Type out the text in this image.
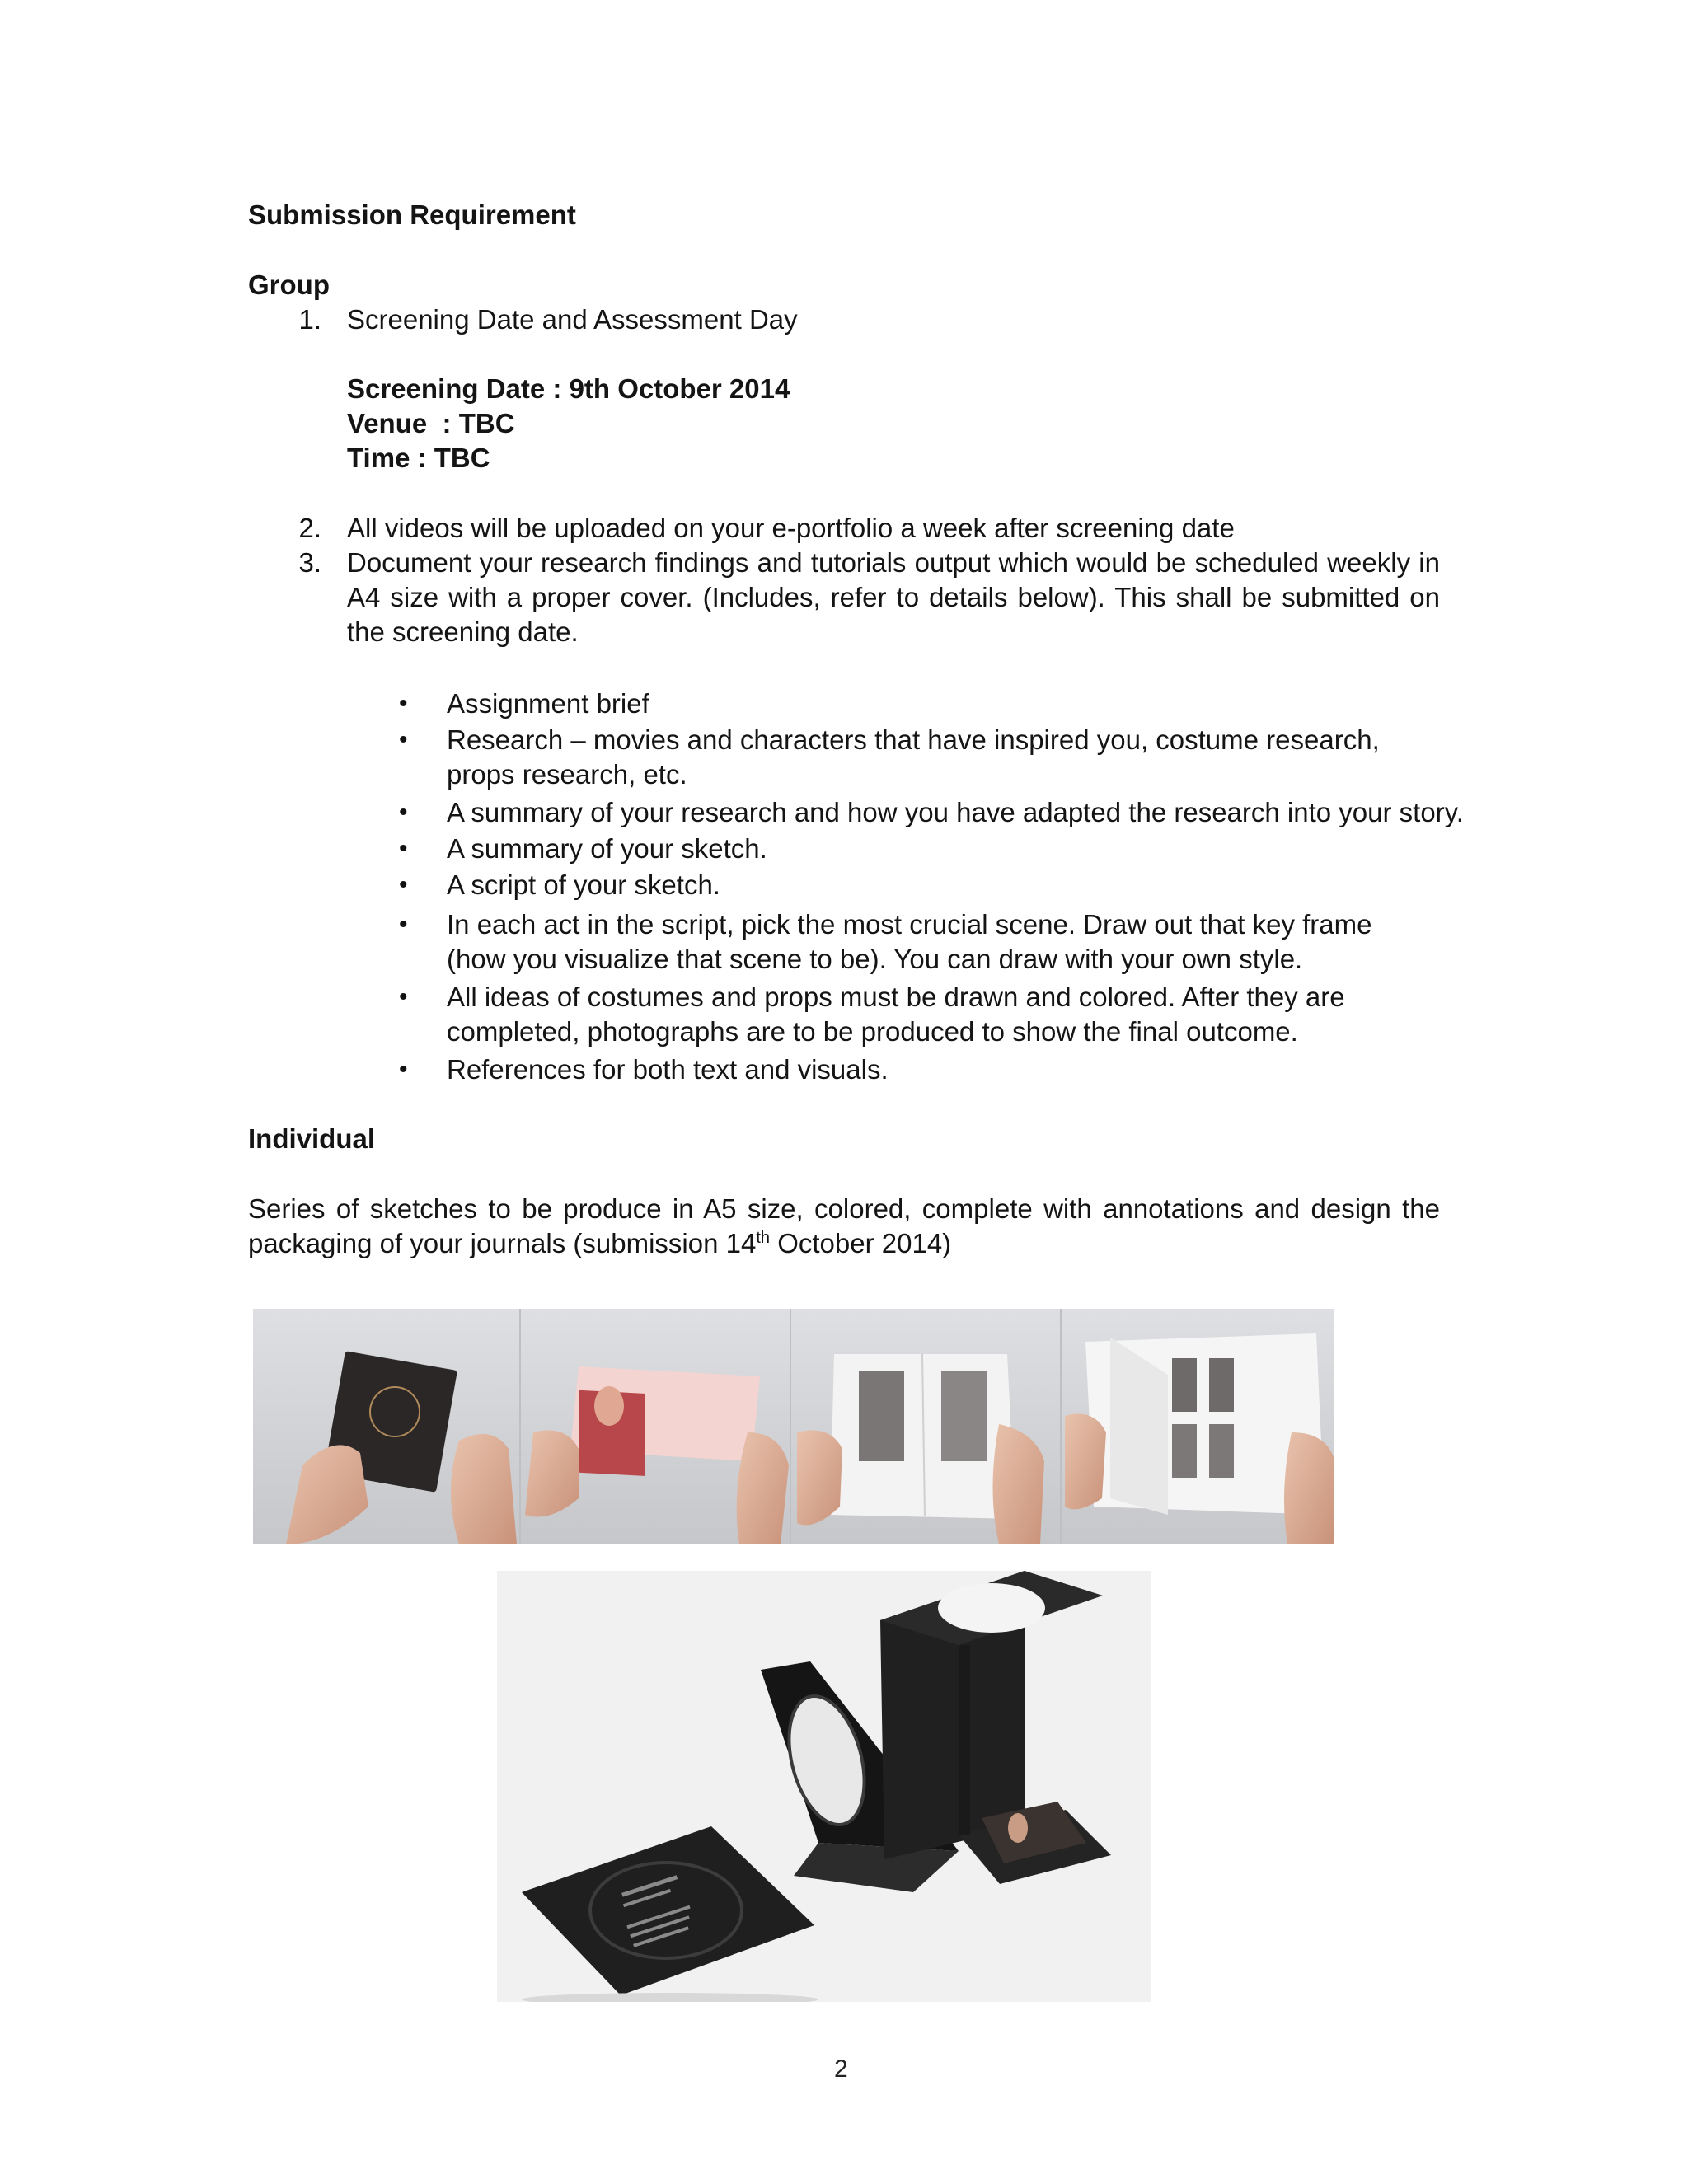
Submission Requirement
Group
1. Screening Date and Assessment Day
Screening Date : 9th October 2014
Venue  : TBC
Time : TBC
2. All videos will be uploaded on your e-portfolio a week after screening date
3. Document your research findings and tutorials output which would be scheduled weekly in A4 size with a proper cover. (Includes, refer to details below). This shall be submitted on the screening date.
• Assignment brief
• Research – movies and characters that have inspired you, costume research, props research, etc.
• A summary of your research and how you have adapted the research into your story.
• A summary of your sketch.
• A script of your sketch.
• In each act in the script, pick the most crucial scene. Draw out that key frame (how you visualize that scene to be). You can draw with your own style.
• All ideas of costumes and props must be drawn and colored. After they are completed, photographs are to be produced to show the final outcome.
• References for both text and visuals.
Individual
Series of sketches to be produce in A5 size, colored, complete with annotations and design the packaging of your journals (submission 14th October 2014)
2
